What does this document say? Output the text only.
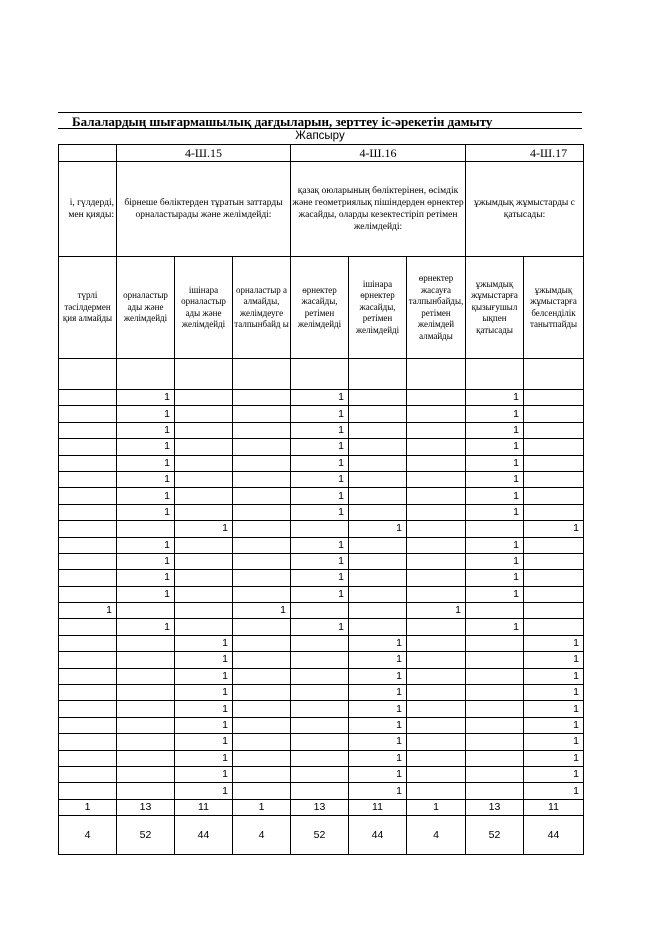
Балалардың шығармашылық дағдыларын, зерттеу іс-әрекетін дамыту
Жапсыру
	4-Ш.15			4-Ш.16			4-Ш.17	
і, гүлдерді,
мен қияды:	бірнеше бөліктерден тұратын заттарды орналастырады және желімдейді:			қазақ оюларының бөліктерінен, өсімдік және геометриялық пішіндерден өрнектер жасайды, оларды кезектестіріп ретімен желімдейді:			ұжымдық жұмыстарды с
қатысады:	
түрлі тәсілдермен қия алмайды	орналастыр ады және желімдейді	ішінара орналастыр ады және желімдейді	орналастыр а алмайды, желімдеуге талпынбайд ы	өрнектер жасайды, ретімен желімдейді	ішінара өрнектер жасайды, ретімен желімдейді	өрнектер жасауға талпынбайды, ретімен желімдей алмайды	ұжымдық жұмыстарға қызығушыл ықпен қатысады	ұжымдық жұмыстарға белсенділік танытпайды

	1			1			1	
	1			1			1	
	1			1			1	
	1			1			1	
	1			1			1	
	1			1			1	
	1			1			1	
	1			1			1	
		1			1			1
	1			1			1	
	1			1			1	
	1			1			1	
	1			1			1	
1			1			1		
	1			1			1	
		1			1			1
		1			1			1
		1			1			1
		1			1			1
		1			1			1
		1			1			1
		1			1			1
		1			1			1
		1			1			1
		1			1			1
1	13	11	1	13	11	1	13	11
4	52	44	4	52	44	4	52	44
